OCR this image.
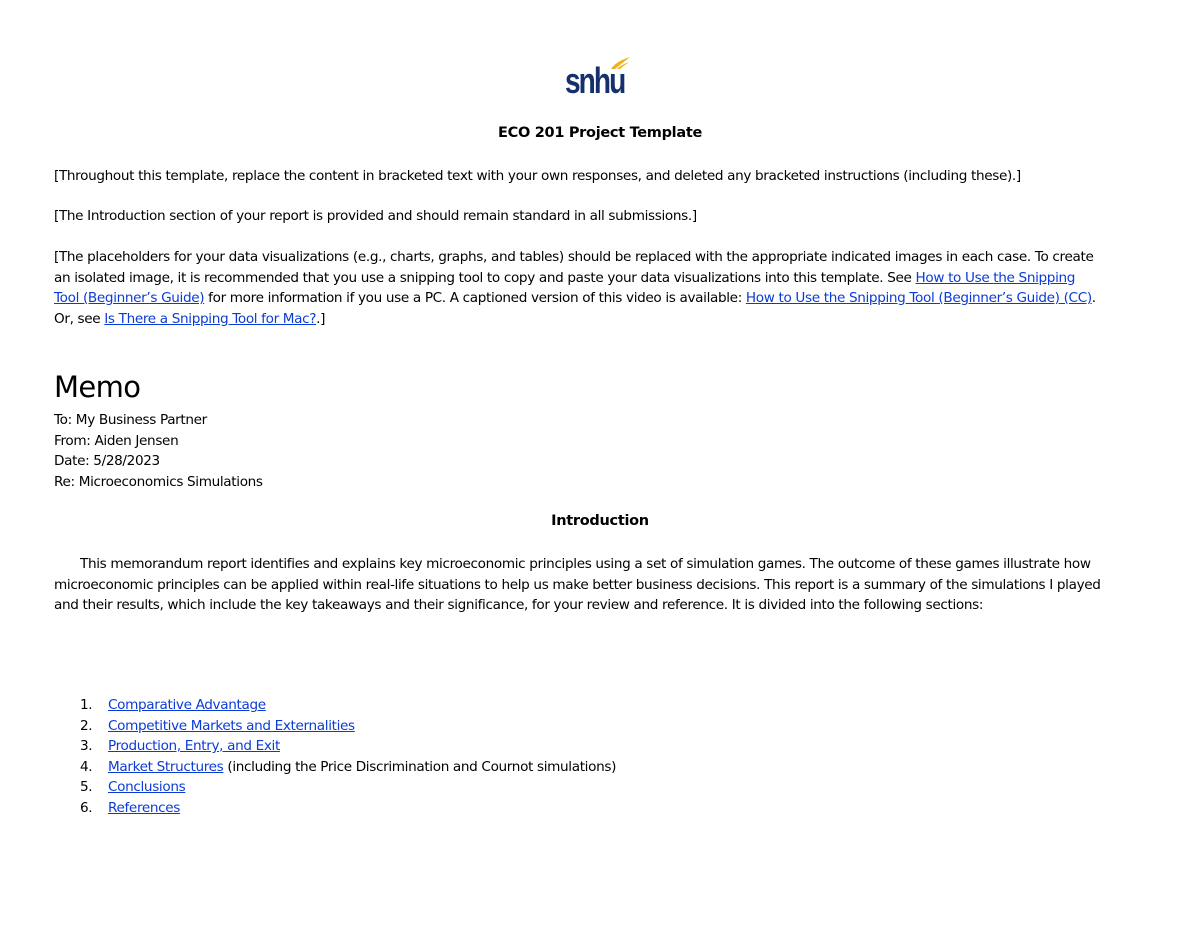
snhu
ECO 201 Project Template
[Throughout this template, replace the content in bracketed text with your own responses, and deleted any bracketed instructions (including these).]
[The Introduction section of your report is provided and should remain standard in all submissions.]
[The placeholders for your data visualizations (e.g., charts, graphs, and tables) should be replaced with the appropriate indicated images in each case. To create
an isolated image, it is recommended that you use a snipping tool to copy and paste your data visualizations into this template. See How to Use the Snipping
Tool (Beginner’s Guide) for more information if you use a PC. A captioned version of this video is available: How to Use the Snipping Tool (Beginner’s Guide) (CC).
Or, see Is There a Snipping Tool for Mac?.]
Memo
To: My Business Partner
From: Aiden Jensen
Date: 5/28/2023
Re: Microeconomics Simulations
Introduction
This memorandum report identifies and explains key microeconomic principles using a set of simulation games. The outcome of these games illustrate how
microeconomic principles can be applied within real-life situations to help us make better business decisions. This report is a summary of the simulations I played
and their results, which include the key takeaways and their significance, for your review and reference. It is divided into the following sections:
1. Comparative Advantage
2. Competitive Markets and Externalities
3. Production, Entry, and Exit
4. Market Structures (including the Price Discrimination and Cournot simulations)
5. Conclusions
6. References
